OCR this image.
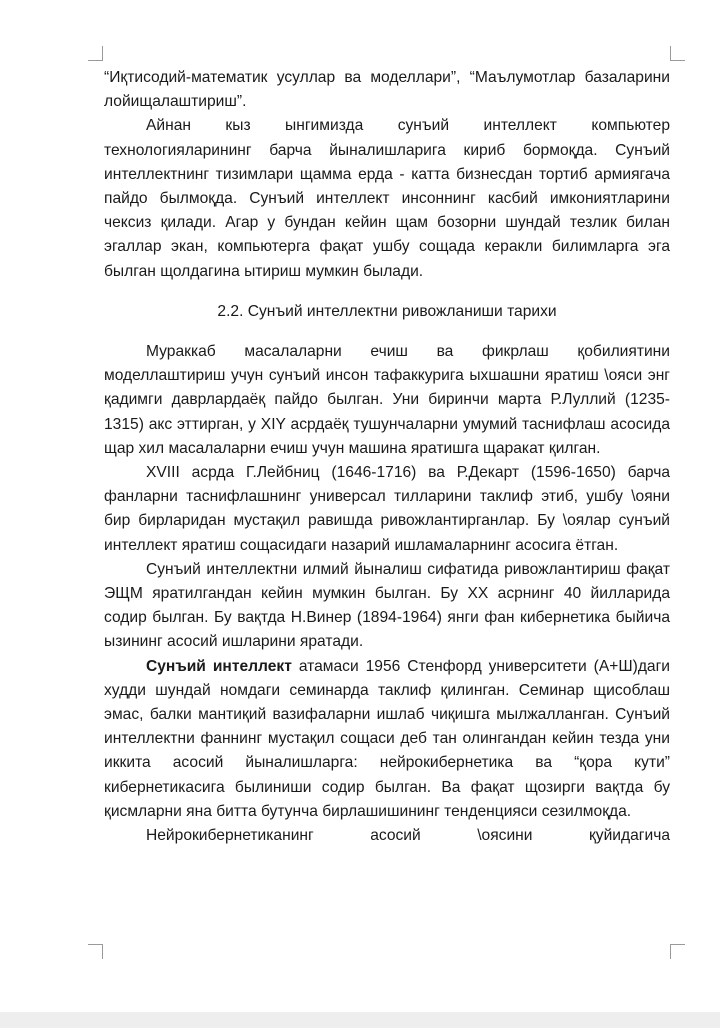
“Иқтисодий-математик усуллар ва моделлари”, “Маълумотлар базаларини лойищалаштириш”.

Айнан кыз ынгимизда сунъий интеллект компьютер технологияларининг барча йыналишларига кириб бормоқда. Сунъий интеллектнинг тизимлари щамма ерда - катта бизнесдан тортиб армиягача пайдо былмоқда. Сунъий интеллект инсоннинг касбий имкониятларини чексиз қилади. Агар у бундан кейин щам бозорни шундай тезлик билан эгаллар экан, компьютерга фақат ушбу сощада керакли билимларга эга былган щолдагина ытириш мумкин былади.

2.2. Сунъий интеллектни ривожланиши тарихи

Мураккаб масалаларни ечиш ва фикрлаш қобилиятини моделлаштириш учун сунъий инсон тафаккурига ыхшашни яратиш \ояси энг қадимги даврлардаёқ пайдо былган. Уни биринчи марта Р.Луллий (1235-1315) акс эттирган, у XIY асрдаёқ тушунчаларни умумий таснифлаш асосида щар хил масалаларни ечиш учун машина яратишга щаракат қилган.

XVIII асрда Г.Лейбниц (1646-1716) ва Р.Декарт (1596-1650) барча фанларни таснифлашнинг универсал тилларини таклиф этиб, ушбу \ояни бир бирларидан мустақил равишда ривожлантирганлар. Бу \оялар сунъий интеллект яратиш сощасидаги назарий ишламаларнинг асосига ётган.

Сунъий интеллектни илмий йыналиш сифатида ривожлантириш фақат ЭЩМ яратилгандан кейин мумкин былган. Бу XX асрнинг 40 йилларида содир былган. Бу вақтда Н.Винер (1894-1964) янги фан кибернетика быйича ызининг асосий ишларини яратади.

Сунъий интеллект атамаси 1956 Стенфорд университети (А+Ш)даги худди шундай номдаги семинарда таклиф қилинган. Семинар щисоблаш эмас, балки мантиқий вазифаларни ишлаб чиқишга мылжалланган. Сунъий интеллектни фаннинг мустақил сощаси деб тан олингандан кейин тезда уни иккита асосий йыналишларга: нейрокибернетика ва “қора кути” кибернетикасига былиниши содир былган. Ва фақат щозирги вақтда бу қисмларни яна битта бутунча бирлашишининг тенденцияси сезилмоқда.

Нейрокибернетиканинг асосий \оясини қуйидагича
